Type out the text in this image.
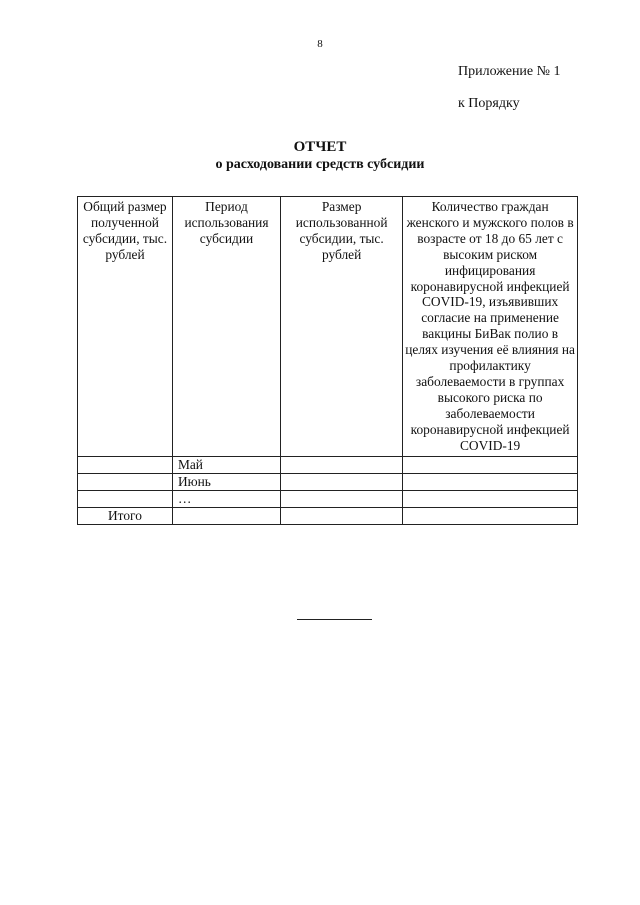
8
Приложение № 1
к Порядку
ОТЧЕТ
о расходовании средств субсидии
Общий размер полученной субсидии, тыс. рублей	Период использования субсидии	Размер использованной субсидии, тыс. рублей	Количество граждан женского и мужского полов в возрасте от 18 до 65 лет с высоким риском инфицирования коронавирусной инфекцией COVID-19, изъявивших согласие на применение вакцины БиВак полио в целях изучения её влияния на профилактику заболеваемости в группах высокого риска по заболеваемости коронавирусной инфекцией COVID-19
	Май		
	Июнь		
	…		
Итого			
